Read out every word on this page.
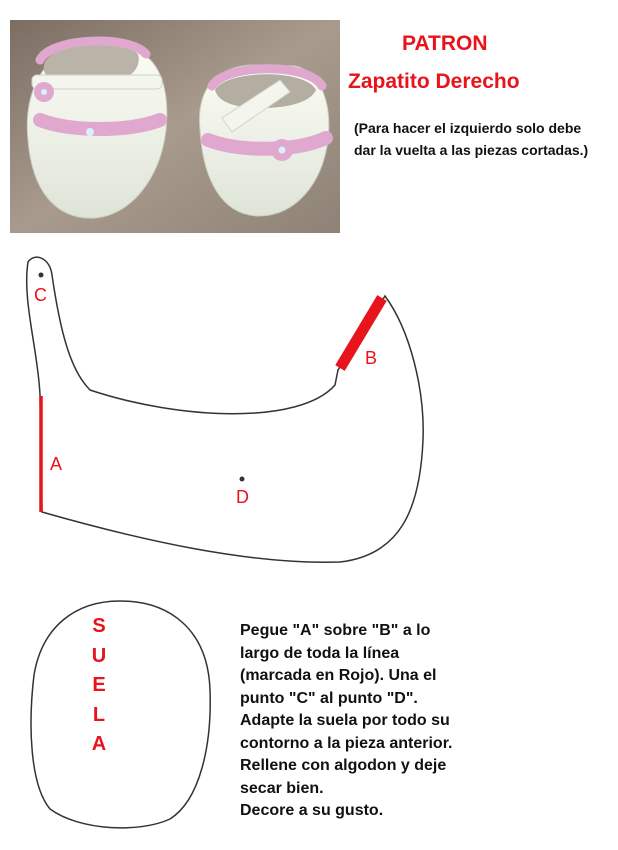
PATRON
Zapatito Derecho
(Para hacer el izquierdo solo debe dar la vuelta a las piezas cortadas.)
C
A
B
D
S
U
E
L
A
Pegue "A" sobre "B" a lo
largo de toda la línea
(marcada en Rojo). Una el
punto "C" al punto "D".
Adapte la suela por todo su
contorno a la pieza anterior.
Rellene con algodon y deje
secar bien.
Decore a su gusto.
